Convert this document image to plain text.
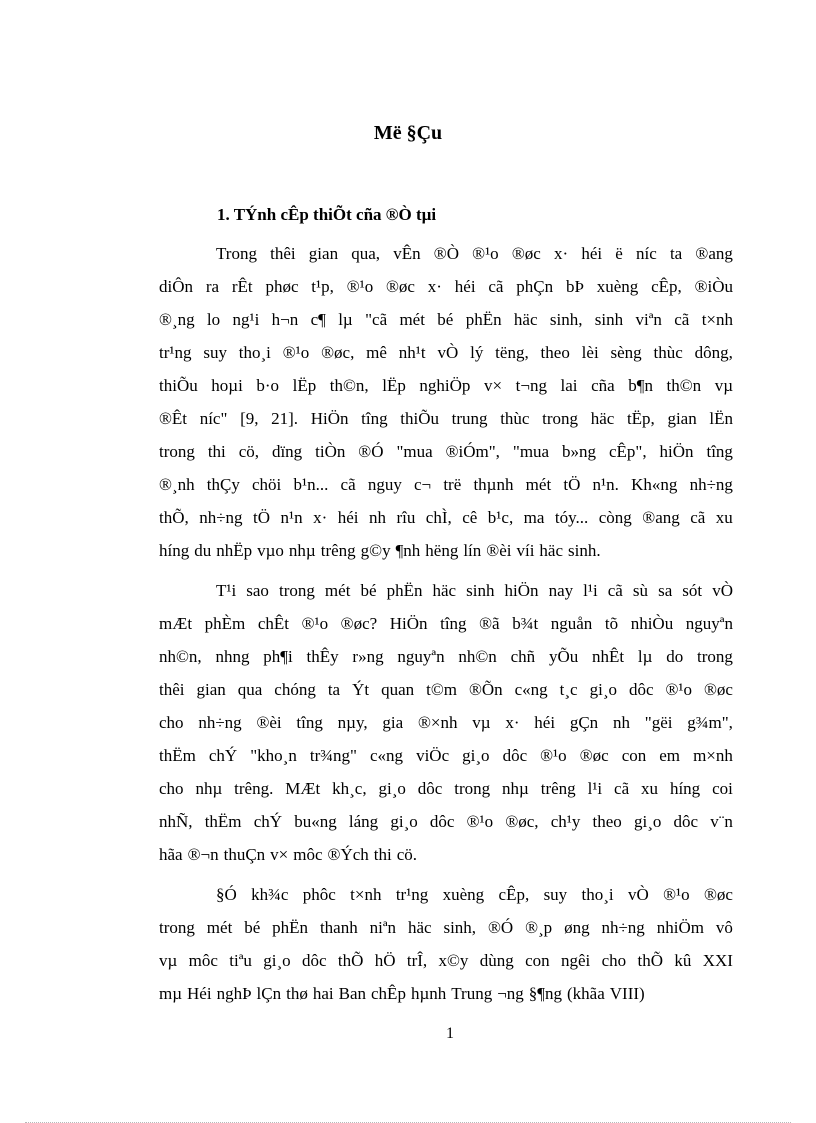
Më §Çu
1. TÝnh cÊp thiÕt cña ®Ò tµi
Trong thêi gian qua, vÊn ®Ò ®¹o ®øc x· héi ë níc ta ®ang
diÔn ra rÊt phøc t¹p, ®¹o ®øc x· héi cã phÇn bÞ xuèng cÊp, ®iÒu
®¸ng lo ng¹i h¬n c¶ lµ "cã mét bé phËn häc sinh, sinh viªn cã t×nh
tr¹ng suy tho¸i ®¹o ®øc, mê nh¹t vÒ lý tëng, theo lèi sèng thùc dông,
thiÕu hoµi b·o lËp th©n, lËp nghiÖp v× t¬ng lai cña b¶n th©n vµ
®Êt níc" [9, 21]. HiÖn tîng thiÕu trung thùc trong häc tËp, gian lËn
trong thi cö, dïng tiÒn ®Ó "mua ®iÓm", "mua b»ng cÊp", hiÖn tîng
®¸nh thÇy chöi b¹n... cã nguy c¬ trë thµnh mét tÖ n¹n. Kh«ng nh÷ng
thÕ, nh÷ng tÖ n¹n x· héi nh rîu chÌ, cê b¹c, ma tóy... còng ®ang cã xu
híng du nhËp vµo nhµ trêng g©y ¶nh hëng lín ®èi víi häc sinh.
T¹i sao trong mét bé phËn häc sinh hiÖn nay l¹i cã sù sa sót vÒ
mÆt phÈm chÊt ®¹o ®øc? HiÖn tîng ®ã b¾t nguån tõ nhiÒu nguyªn
nh©n, nhng ph¶i thÊy r»ng nguyªn nh©n chñ yÕu nhÊt lµ do trong
thêi gian qua chóng ta Ýt quan t©m ®Õn c«ng t¸c gi¸o dôc ®¹o ®øc
cho nh÷ng ®èi tîng nµy, gia ®×nh vµ x· héi gÇn nh "gëi g¾m",
thËm chÝ "kho¸n tr¾ng" c«ng viÖc gi¸o dôc ®¹o ®øc con em m×nh
cho nhµ trêng. MÆt kh¸c, gi¸o dôc trong nhµ trêng l¹i cã xu híng coi
nhÑ, thËm chÝ bu«ng láng gi¸o dôc ®¹o ®øc, ch¹y theo gi¸o dôc v¨n
hãa ®¬n thuÇn v× môc ®Ých thi cö.
§Ó kh¾c phôc t×nh tr¹ng xuèng cÊp, suy tho¸i vÒ ®¹o ®øc
trong mét bé phËn thanh niªn häc sinh, ®Ó ®¸p øng nh÷ng nhiÖm vô
vµ môc tiªu gi¸o dôc thÕ hÖ trÎ, x©y dùng con ngêi cho thÕ kû XXI
mµ Héi nghÞ lÇn thø hai Ban chÊp hµnh Trung ¬ng §¶ng (khãa VIII)
1
